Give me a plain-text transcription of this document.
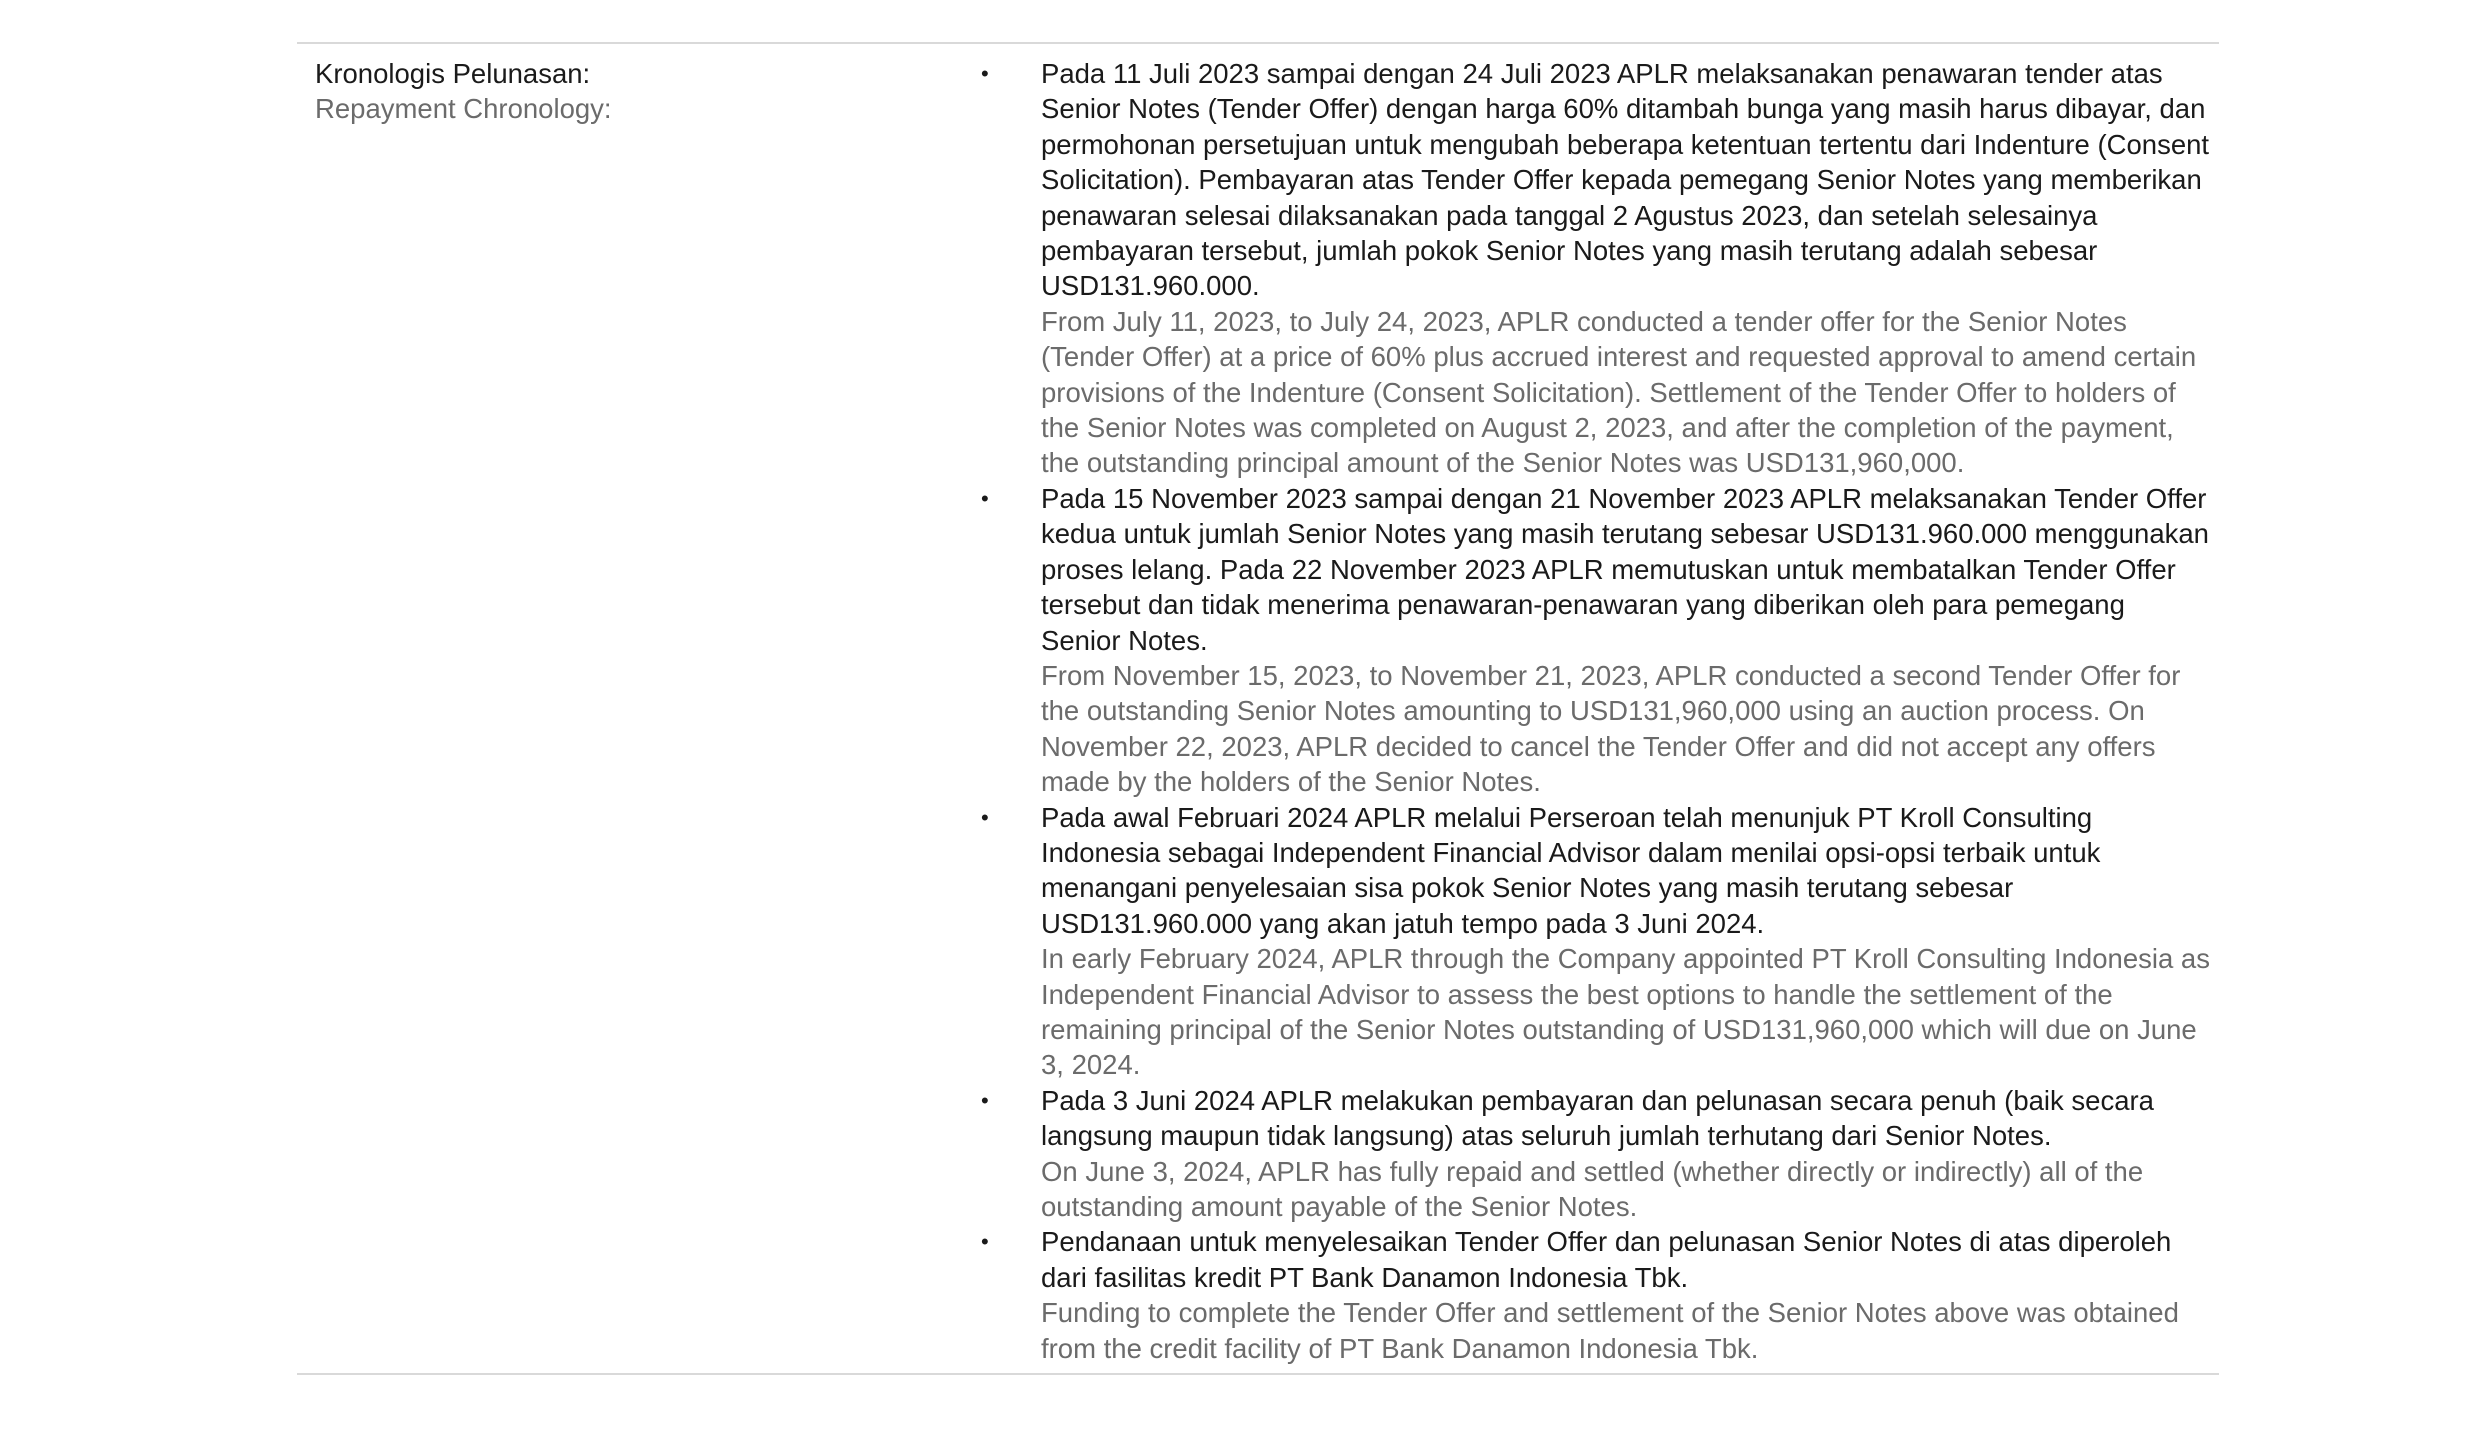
Kronologis Pelunasan:
Repayment Chronology:
• Pada 11 Juli 2023 sampai dengan 24 Juli 2023 APLR melaksanakan penawaran tender atas Senior Notes (Tender Offer) dengan harga 60% ditambah bunga yang masih harus dibayar, dan permohonan persetujuan untuk mengubah beberapa ketentuan tertentu dari Indenture (Consent Solicitation). Pembayaran atas Tender Offer kepada pemegang Senior Notes yang memberikan penawaran selesai dilaksanakan pada tanggal 2 Agustus 2023, dan setelah selesainya pembayaran tersebut, jumlah pokok Senior Notes yang masih terutang adalah sebesar USD131.960.000.
From July 11, 2023, to July 24, 2023, APLR conducted a tender offer for the Senior Notes (Tender Offer) at a price of 60% plus accrued interest and requested approval to amend certain provisions of the Indenture (Consent Solicitation). Settlement of the Tender Offer to holders of the Senior Notes was completed on August 2, 2023, and after the completion of the payment, the outstanding principal amount of the Senior Notes was USD131,960,000.
• Pada 15 November 2023 sampai dengan 21 November 2023 APLR melaksanakan Tender Offer kedua untuk jumlah Senior Notes yang masih terutang sebesar USD131.960.000 menggunakan proses lelang. Pada 22 November 2023 APLR memutuskan untuk membatalkan Tender Offer tersebut dan tidak menerima penawaran-penawaran yang diberikan oleh para pemegang Senior Notes.
From November 15, 2023, to November 21, 2023, APLR conducted a second Tender Offer for the outstanding Senior Notes amounting to USD131,960,000 using an auction process. On November 22, 2023, APLR decided to cancel the Tender Offer and did not accept any offers made by the holders of the Senior Notes.
• Pada awal Februari 2024 APLR melalui Perseroan telah menunjuk PT Kroll Consulting Indonesia sebagai Independent Financial Advisor dalam menilai opsi-opsi terbaik untuk menangani penyelesaian sisa pokok Senior Notes yang masih terutang sebesar USD131.960.000 yang akan jatuh tempo pada 3 Juni 2024.
In early February 2024, APLR through the Company appointed PT Kroll Consulting Indonesia as Independent Financial Advisor to assess the best options to handle the settlement of the remaining principal of the Senior Notes outstanding of USD131,960,000 which will due on June 3, 2024.
• Pada 3 Juni 2024 APLR melakukan pembayaran dan pelunasan secara penuh (baik secara langsung maupun tidak langsung) atas seluruh jumlah terhutang dari Senior Notes.
On June 3, 2024, APLR has fully repaid and settled (whether directly or indirectly) all of the outstanding amount payable of the Senior Notes.
• Pendanaan untuk menyelesaikan Tender Offer dan pelunasan Senior Notes di atas diperoleh dari fasilitas kredit PT Bank Danamon Indonesia Tbk.
Funding to complete the Tender Offer and settlement of the Senior Notes above was obtained from the credit facility of PT Bank Danamon Indonesia Tbk.
